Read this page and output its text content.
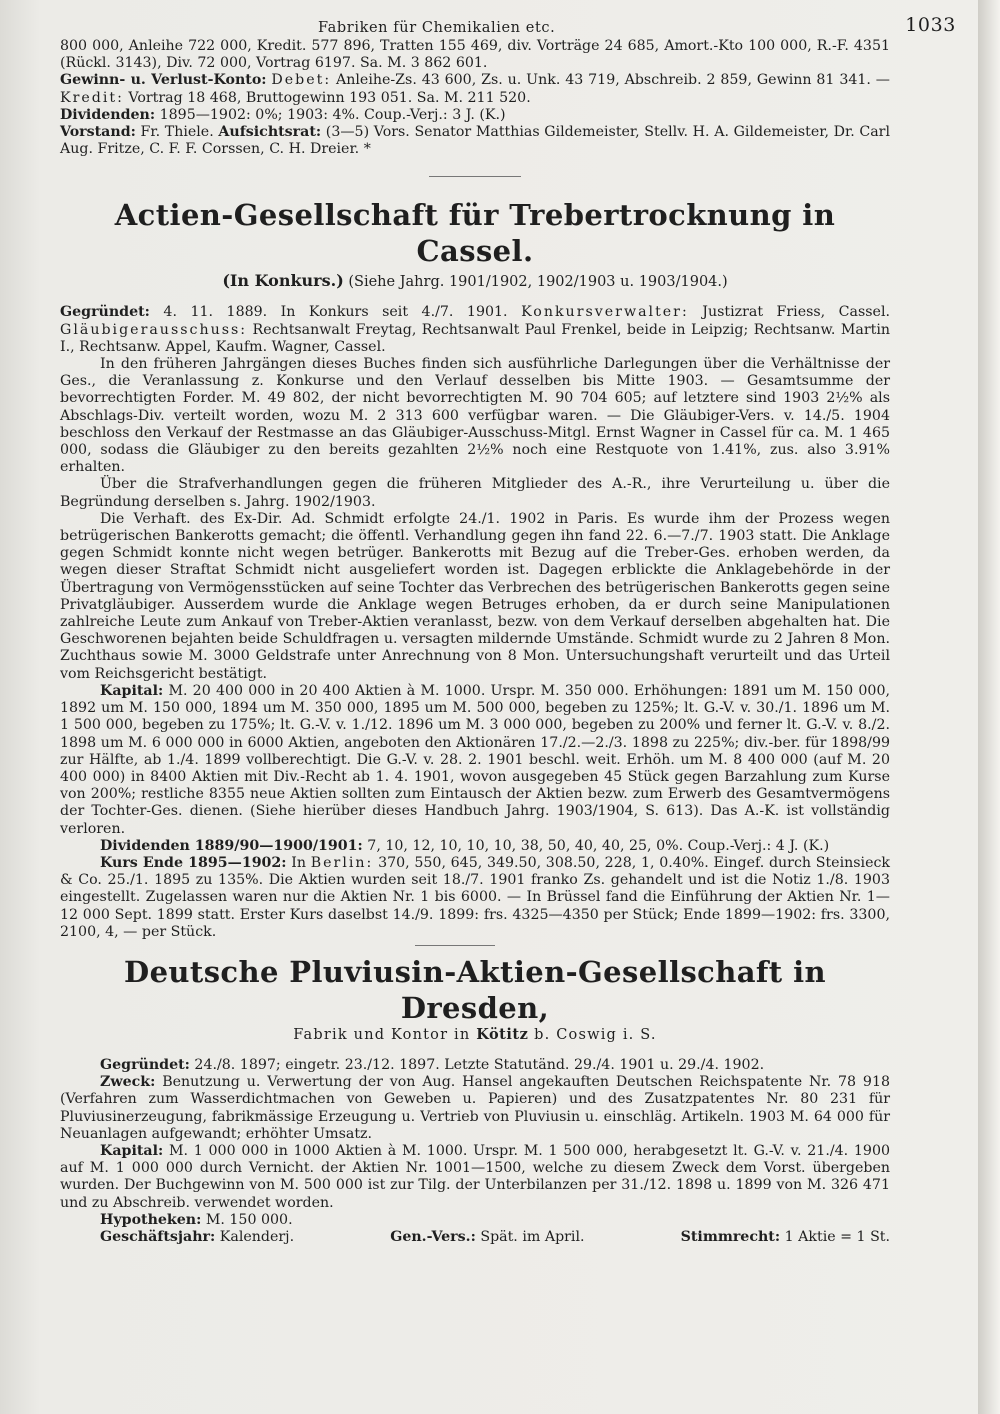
Fabriken für Chemikalien etc.	1033

800 000, Anleihe 722 000, Kredit. 577 896, Tratten 155 469, div. Vorträge 24 685, Amort.-Kto 100 000, R.-F. 4351 (Rückl. 3143), Div. 72 000, Vortrag 6197. Sa. M. 3 862 601.

Gewinn- u. Verlust-Konto: Debet: Anleihe-Zs. 43 600, Zs. u. Unk. 43 719, Abschreib. 2 859, Gewinn 81 341. — Kredit: Vortrag 18 468, Bruttogewinn 193 051. Sa. M. 211 520.

Dividenden: 1895—1902: 0%; 1903: 4%. Coup.-Verj.: 3 J. (K.)

Vorstand: Fr. Thiele. Aufsichtsrat: (3—5) Vors. Senator Matthias Gildemeister, Stellv. H. A. Gildemeister, Dr. Carl Aug. Fritze, C. F. F. Corssen, C. H. Dreier. *

Actien-Gesellschaft für Trebertrocknung in Cassel.
(In Konkurs.) (Siehe Jahrg. 1901/1902, 1902/1903 u. 1903/1904.)

Gegründet: 4. 11. 1889. In Konkurs seit 4./7. 1901. Konkursverwalter: Justizrat Friess, Cassel. Gläubigerausschuss: Rechtsanwalt Freytag, Rechtsanwalt Paul Frenkel, beide in Leipzig; Rechtsanw. Martin I., Rechtsanw. Appel, Kaufm. Wagner, Cassel.

In den früheren Jahrgängen dieses Buches finden sich ausführliche Darlegungen über die Verhältnisse der Ges., die Veranlassung z. Konkurse und den Verlauf desselben bis Mitte 1903. — Gesamtsumme der bevorrechtigten Forder. M. 49 802, der nicht bevorrechtigten M. 90 704 605; auf letztere sind 1903 2½% als Abschlags-Div. verteilt worden, wozu M. 2 313 600 verfügbar waren. — Die Gläubiger-Vers. v. 14./5. 1904 beschloss den Verkauf der Restmasse an das Gläubiger-Ausschuss-Mitgl. Ernst Wagner in Cassel für ca. M. 1 465 000, sodass die Gläubiger zu den bereits gezahlten 2½% noch eine Restquote von 1.41%, zus. also 3.91% erhalten.

Über die Strafverhandlungen gegen die früheren Mitglieder des A.-R., ihre Verurteilung u. über die Begründung derselben s. Jahrg. 1902/1903.

Die Verhaft. des Ex-Dir. Ad. Schmidt erfolgte 24./1. 1902 in Paris. Es wurde ihm der Prozess wegen betrügerischen Bankerotts gemacht; die öffentl. Verhandlung gegen ihn fand 22. 6.—7./7. 1903 statt. Die Anklage gegen Schmidt konnte nicht wegen betrüger. Bankerotts mit Bezug auf die Treber-Ges. erhoben werden, da wegen dieser Straftat Schmidt nicht ausgeliefert worden ist. Dagegen erblickte die Anklagebehörde in der Übertragung von Vermögensstücken auf seine Tochter das Verbrechen des betrügerischen Bankerotts gegen seine Privatgläubiger. Ausserdem wurde die Anklage wegen Betruges erhoben, da er durch seine Manipulationen zahlreiche Leute zum Ankauf von Treber-Aktien veranlasst, bezw. von dem Verkauf derselben abgehalten hat. Die Geschworenen bejahten beide Schuldfragen u. versagten mildernde Umstände. Schmidt wurde zu 2 Jahren 8 Mon. Zuchthaus sowie M. 3000 Geldstrafe unter Anrechnung von 8 Mon. Untersuchungshaft verurteilt und das Urteil vom Reichsgericht bestätigt.

Kapital: M. 20 400 000 in 20 400 Aktien à M. 1000. Urspr. M. 350 000. Erhöhungen: 1891 um M. 150 000, 1892 um M. 150 000, 1894 um M. 350 000, 1895 um M. 500 000, begeben zu 125%; lt. G.-V. v. 30./1. 1896 um M. 1 500 000, begeben zu 175%; lt. G.-V. v. 1./12. 1896 um M. 3 000 000, begeben zu 200% und ferner lt. G.-V. v. 8./2. 1898 um M. 6 000 000 in 6000 Aktien, angeboten den Aktionären 17./2.—2./3. 1898 zu 225%; div.-ber. für 1898/99 zur Hälfte, ab 1./4. 1899 vollberechtigt. Die G.-V. v. 28. 2. 1901 beschl. weit. Erhöh. um M. 8 400 000 (auf M. 20 400 000) in 8400 Aktien mit Div.-Recht ab 1. 4. 1901, wovon ausgegeben 45 Stück gegen Barzahlung zum Kurse von 200%; restliche 8355 neue Aktien sollten zum Eintausch der Aktien bezw. zum Erwerb des Gesamtvermögens der Tochter-Ges. dienen. (Siehe hierüber dieses Handbuch Jahrg. 1903/1904, S. 613). Das A.-K. ist vollständig verloren.

Dividenden 1889/90—1900/1901: 7, 10, 12, 10, 10, 10, 38, 50, 40, 40, 25, 0%. Coup.-Verj.: 4 J. (K.)

Kurs Ende 1895—1902: In Berlin: 370, 550, 645, 349.50, 308.50, 228, 1, 0.40%. Eingef. durch Steinsieck & Co. 25./1. 1895 zu 135%. Die Aktien wurden seit 18./7. 1901 franko Zs. gehandelt und ist die Notiz 1./8. 1903 eingestellt. Zugelassen waren nur die Aktien Nr. 1 bis 6000. — In Brüssel fand die Einführung der Aktien Nr. 1—12 000 Sept. 1899 statt. Erster Kurs daselbst 14./9. 1899: frs. 4325—4350 per Stück; Ende 1899—1902: frs. 3300, 2100, 4, — per Stück.

Deutsche Pluviusin-Aktien-Gesellschaft in Dresden,
Fabrik und Kontor in Kötitz b. Coswig i. S.

Gegründet: 24./8. 1897; eingetr. 23./12. 1897. Letzte Statutänd. 29./4. 1901 u. 29./4. 1902.

Zweck: Benutzung u. Verwertung der von Aug. Hansel angekauften Deutschen Reichspatente Nr. 78 918 (Verfahren zum Wasserdichtmachen von Geweben u. Papieren) und des Zusatzpatentes Nr. 80 231 für Pluviusinerzeugung, fabrikmässige Erzeugung u. Vertrieb von Pluviusin u. einschläg. Artikeln. 1903 M. 64 000 für Neuanlagen aufgewandt; erhöhter Umsatz.

Kapital: M. 1 000 000 in 1000 Aktien à M. 1000. Urspr. M. 1 500 000, herabgesetzt lt. G.-V. v. 21./4. 1900 auf M. 1 000 000 durch Vernicht. der Aktien Nr. 1001—1500, welche zu diesem Zweck dem Vorst. übergeben wurden. Der Buchgewinn von M. 500 000 ist zur Tilg. der Unterbilanzen per 31./12. 1898 u. 1899 von M. 326 471 und zu Abschreib. verwendet worden.

Hypotheken: M. 150 000.

Geschäftsjahr: Kalenderj.	Gen.-Vers.: Spät. im April.	Stimmrecht: 1 Aktie = 1 St.
